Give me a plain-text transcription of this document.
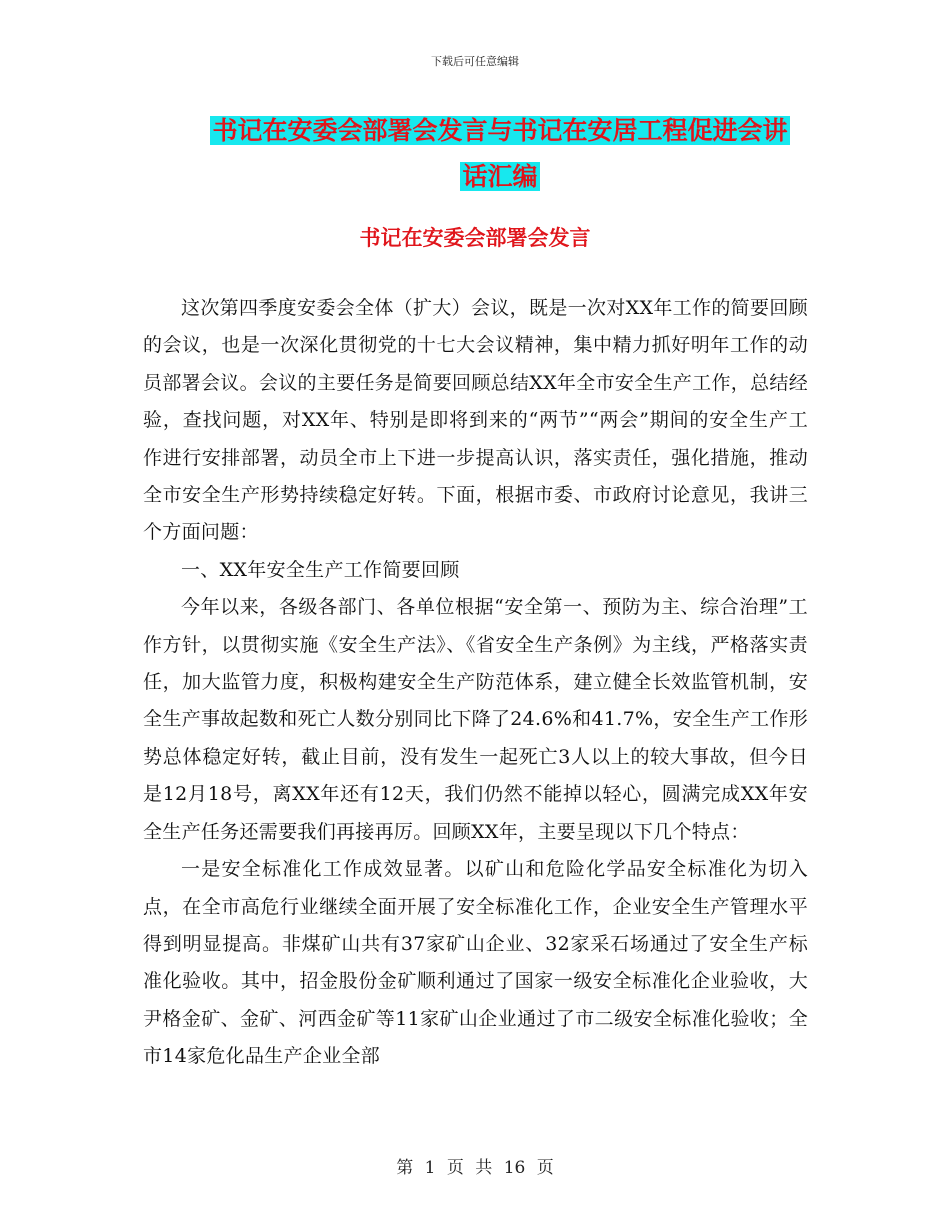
下载后可任意编辑
书记在安委会部署会发言与书记在安居工程促进会讲
话汇编
书记在安委会部署会发言

这次第四季度安委会全体（扩大）会议，既是一次对XX年工作的简要回顾的会议，也是一次深化贯彻党的十七大会议精神，集中精力抓好明年工作的动员部署会议。会议的主要任务是简要回顾总结XX年全市安全生产工作，总结经验，查找问题，对XX年、特别是即将到来的“两节”“两会”期间的安全生产工作进行安排部署，动员全市上下进一步提高认识，落实责任，强化措施，推动全市安全生产形势持续稳定好转。下面，根据市委、市政府讨论意见，我讲三个方面问题：

一、XX年安全生产工作简要回顾

今年以来，各级各部门、各单位根据“安全第一、预防为主、综合治理”工作方针，以贯彻实施《安全生产法》、《省安全生产条例》为主线，严格落实责任，加大监管力度，积极构建安全生产防范体系，建立健全长效监管机制，安全生产事故起数和死亡人数分别同比下降了24.6%和41.7%，安全生产工作形势总体稳定好转，截止目前，没有发生一起死亡3人以上的较大事故，但今日是12月18号，离XX年还有12天，我们仍然不能掉以轻心，圆满完成XX年安全生产任务还需要我们再接再厉。回顾XX年，主要呈现以下几个特点：

一是安全标准化工作成效显著。以矿山和危险化学品安全标准化为切入点，在全市高危行业继续全面开展了安全标准化工作，企业安全生产管理水平得到明显提高。非煤矿山共有37家矿山企业、32家采石场通过了安全生产标准化验收。其中，招金股份金矿顺利通过了国家一级安全标准化企业验收，大尹格金矿、金矿、河西金矿等11家矿山企业通过了市二级安全标准化验收；全市14家危化品生产企业全部

第 1 页 共 16 页
